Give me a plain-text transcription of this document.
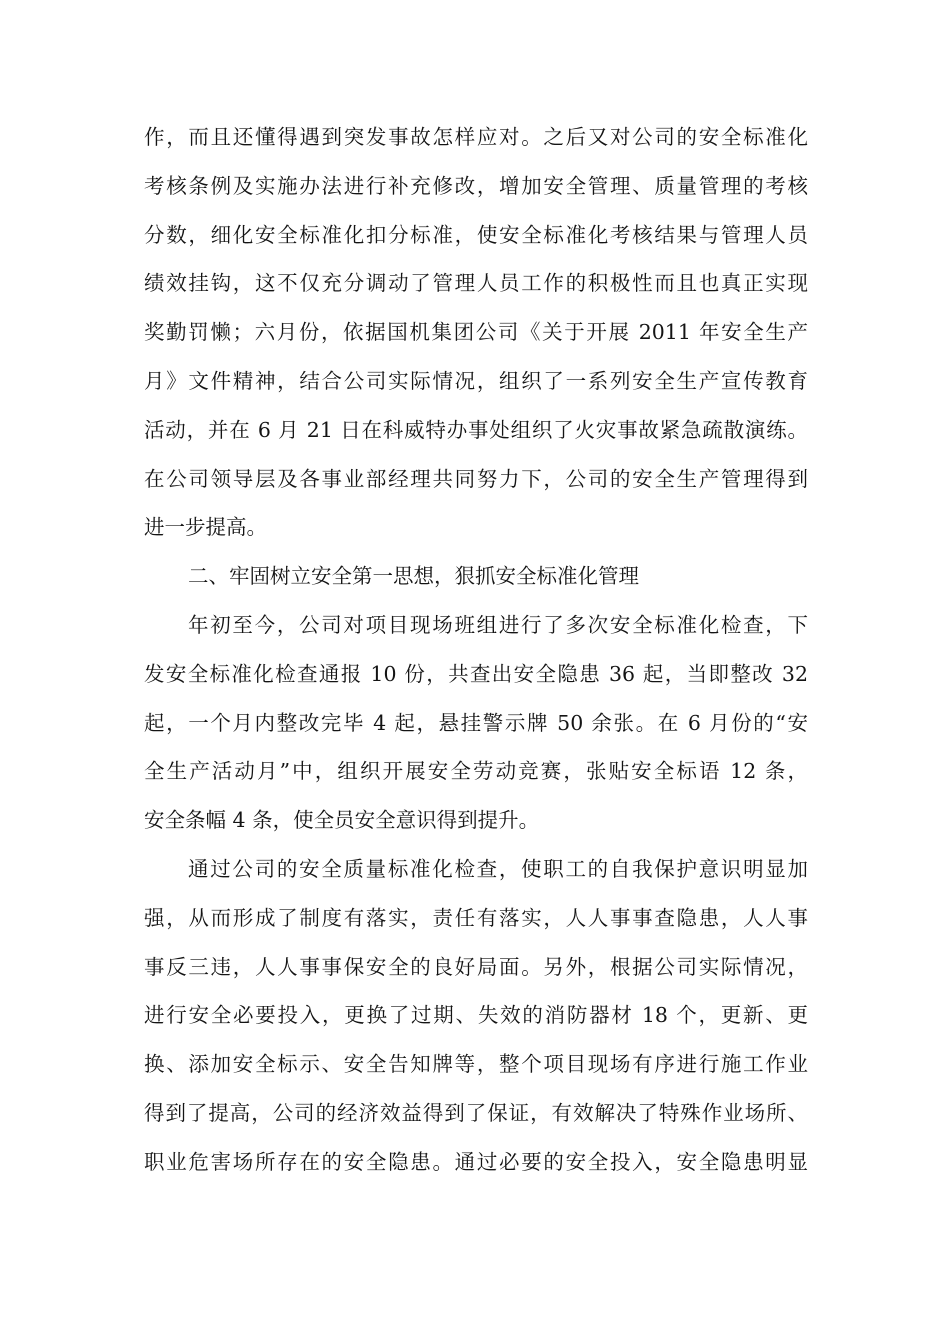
作，而且还懂得遇到突发事故怎样应对。之后又对公司的安全标准化
考核条例及实施办法进行补充修改，增加安全管理、质量管理的考核
分数，细化安全标准化扣分标准，使安全标准化考核结果与管理人员
绩效挂钩，这不仅充分调动了管理人员工作的积极性而且也真正实现
奖勤罚懒；六月份，依据国机集团公司《关于开展 2011 年安全生产
月》文件精神，结合公司实际情况，组织了一系列安全生产宣传教育
活动，并在 6 月 21 日在科威特办事处组织了火灾事故紧急疏散演练。
在公司领导层及各事业部经理共同努力下，公司的安全生产管理得到
进一步提高。
二、牢固树立安全第一思想，狠抓安全标准化管理
年初至今，公司对项目现场班组进行了多次安全标准化检查，下
发安全标准化检查通报 10 份，共查出安全隐患 36 起，当即整改 32
起，一个月内整改完毕 4 起，悬挂警示牌 50 余张。在 6 月份的“安
全生产活动月”中，组织开展安全劳动竞赛，张贴安全标语 12 条，
安全条幅 4 条，使全员安全意识得到提升。
通过公司的安全质量标准化检查，使职工的自我保护意识明显加
强，从而形成了制度有落实，责任有落实，人人事事查隐患，人人事
事反三违，人人事事保安全的良好局面。另外，根据公司实际情况，
进行安全必要投入，更换了过期、失效的消防器材 18 个，更新、更
换、添加安全标示、安全告知牌等，整个项目现场有序进行施工作业
得到了提高，公司的经济效益得到了保证，有效解决了特殊作业场所、
职业危害场所存在的安全隐患。通过必要的安全投入，安全隐患明显
